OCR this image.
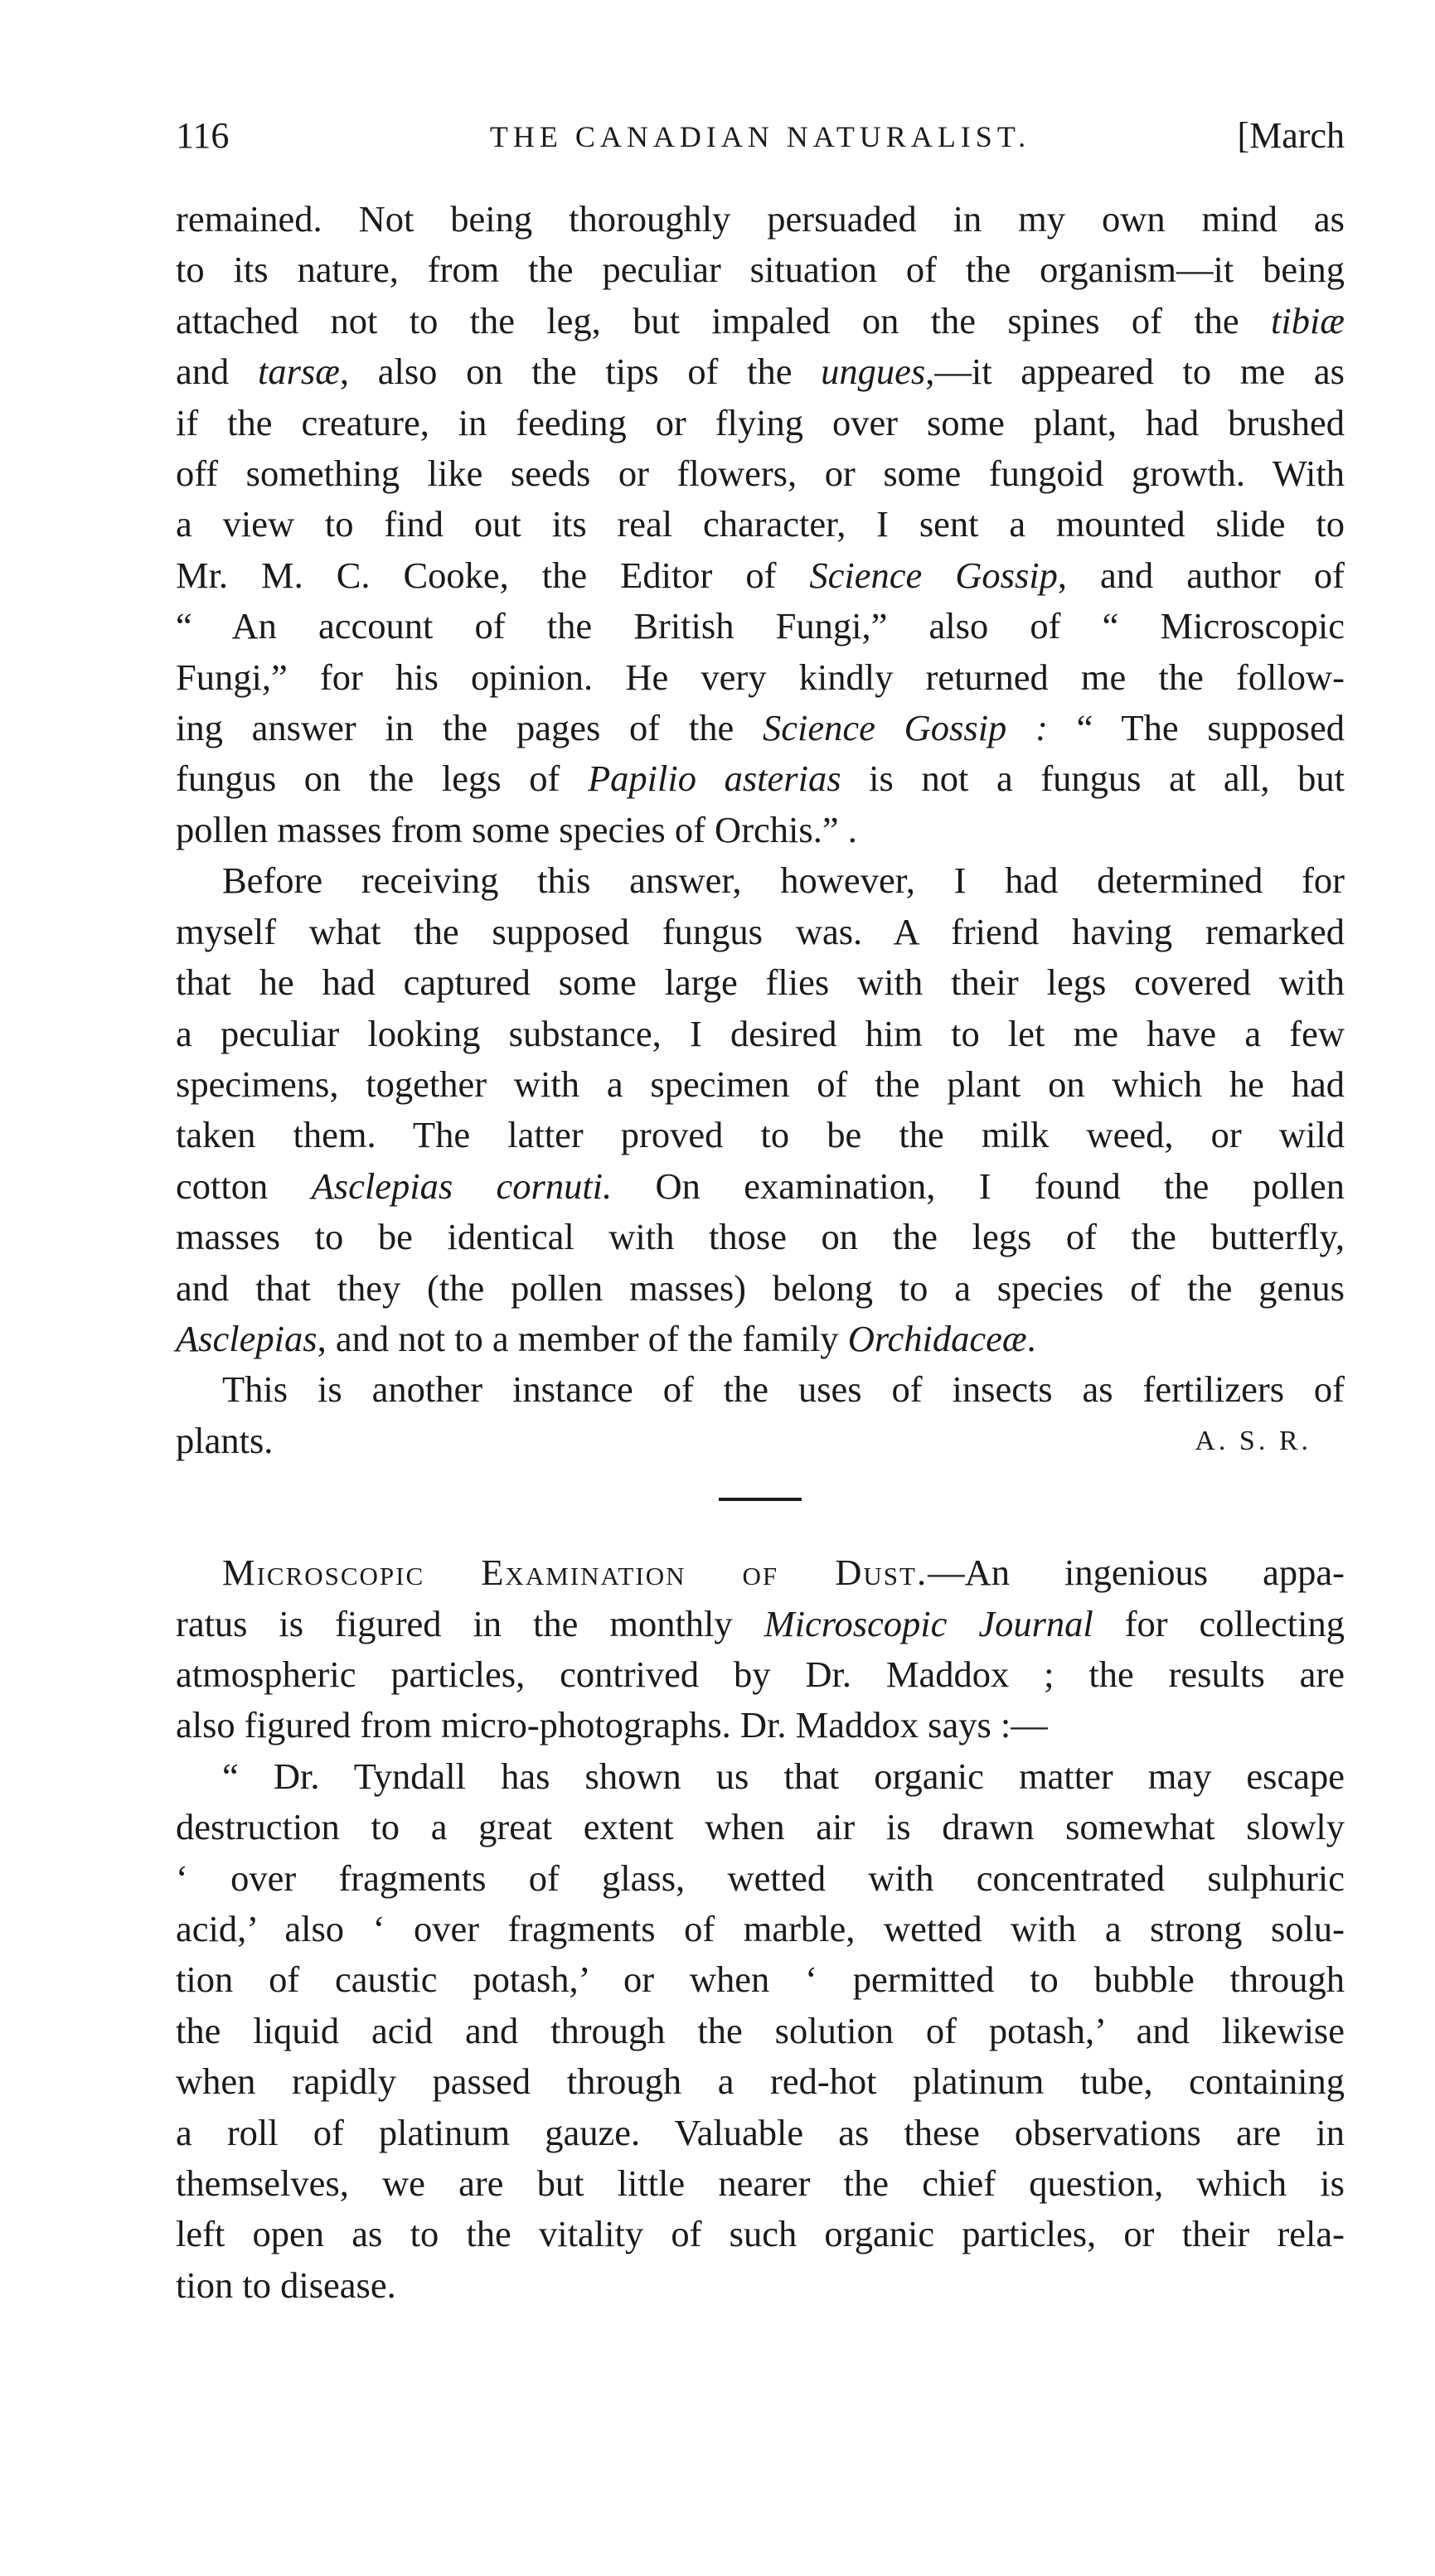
116	THE CANADIAN NATURALIST.	[March

remained. Not being thoroughly persuaded in my own mind as
to its nature, from the peculiar situation of the organism—it being
attached not to the leg, but impaled on the spines of the tibiæ
and tarsæ, also on the tips of the ungues,—it appeared to me as
if the creature, in feeding or flying over some plant, had brushed
off something like seeds or flowers, or some fungoid growth. With
a view to find out its real character, I sent a mounted slide to
Mr. M. C. Cooke, the Editor of Science Gossip, and author of
“ An account of the British Fungi,” also of “ Microscopic
Fungi,” for his opinion. He very kindly returned me the follow-
ing answer in the pages of the Science Gossip : “ The supposed
fungus on the legs of Papilio asterias is not a fungus at all, but
pollen masses from some species of Orchis.” .

Before receiving this answer, however, I had determined for
myself what the supposed fungus was. A friend having remarked
that he had captured some large flies with their legs covered with
a peculiar looking substance, I desired him to let me have a few
specimens, together with a specimen of the plant on which he had
taken them. The latter proved to be the milk weed, or wild
cotton Asclepias cornuti. On examination, I found the pollen
masses to be identical with those on the legs of the butterfly,
and that they (the pollen masses) belong to a species of the genus
Asclepias, and not to a member of the family Orchidaceæ.

This is another instance of the uses of insects as fertilizers of
plants.	A. S. R.

Microscopic Examination of Dust.—An ingenious appa-
ratus is figured in the monthly Microscopic Journal for collecting
atmospheric particles, contrived by Dr. Maddox ; the results are
also figured from micro-photographs. Dr. Maddox says :—

“ Dr. Tyndall has shown us that organic matter may escape
destruction to a great extent when air is drawn somewhat slowly
‘ over fragments of glass, wetted with concentrated sulphuric
acid,’ also ‘ over fragments of marble, wetted with a strong solu-
tion of caustic potash,’ or when ‘ permitted to bubble through
the liquid acid and through the solution of potash,’ and likewise
when rapidly passed through a red-hot platinum tube, containing
a roll of platinum gauze. Valuable as these observations are in
themselves, we are but little nearer the chief question, which is
left open as to the vitality of such organic particles, or their rela-
tion to disease.
